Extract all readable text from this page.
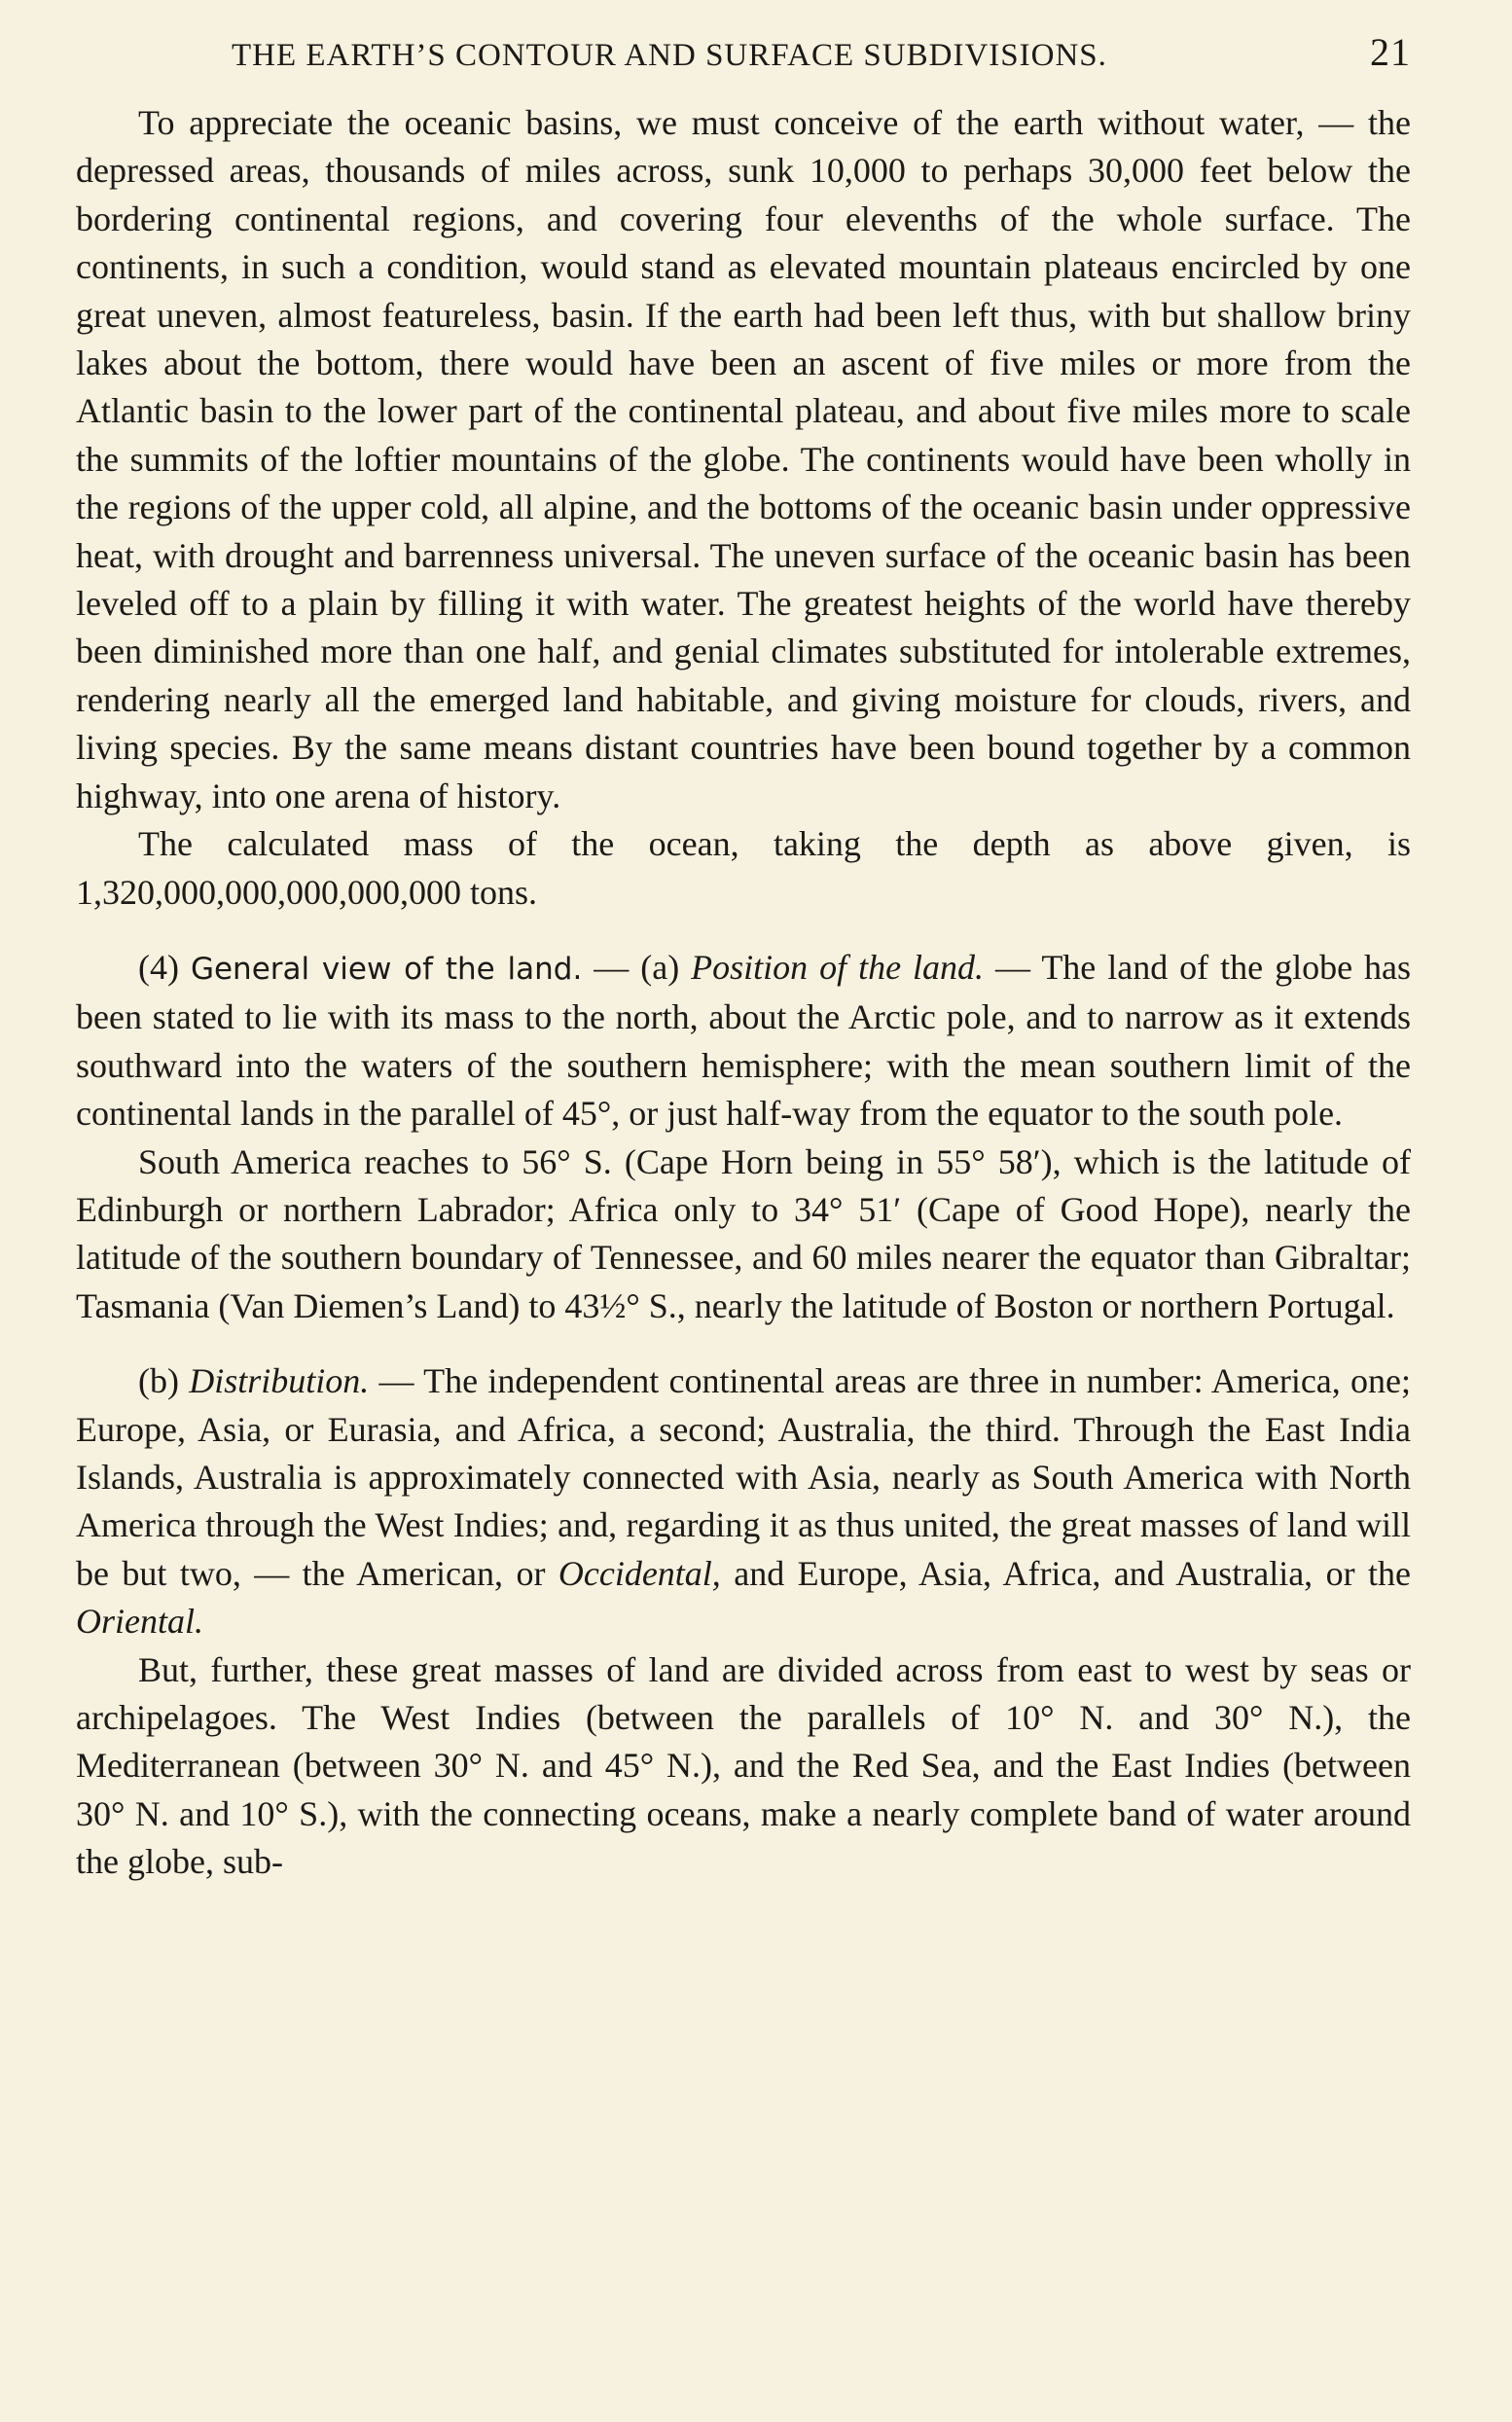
THE EARTH’S CONTOUR AND SURFACE SUBDIVISIONS.	21

To appreciate the oceanic basins, we must conceive of the earth without water, — the depressed areas, thousands of miles across, sunk 10,000 to perhaps 30,000 feet below the bordering continental regions, and covering four elevenths of the whole surface. The continents, in such a condition, would stand as elevated mountain plateaus encircled by one great uneven, almost featureless, basin. If the earth had been left thus, with but shallow briny lakes about the bottom, there would have been an ascent of five miles or more from the Atlantic basin to the lower part of the continental plateau, and about five miles more to scale the summits of the loftier mountains of the globe. The continents would have been wholly in the regions of the upper cold, all alpine, and the bottoms of the oceanic basin under oppressive heat, with drought and barrenness universal. The uneven surface of the oceanic basin has been leveled off to a plain by filling it with water. The greatest heights of the world have thereby been diminished more than one half, and genial climates substituted for intolerable extremes, rendering nearly all the emerged land habitable, and giving moisture for clouds, rivers, and living species. By the same means distant countries have been bound together by a common highway, into one arena of history.

The calculated mass of the ocean, taking the depth as above given, is 1,320,000,000,000,000,000 tons.

(4) General view of the land. — (a) Position of the land. — The land of the globe has been stated to lie with its mass to the north, about the Arctic pole, and to narrow as it extends southward into the waters of the southern hemisphere; with the mean southern limit of the continental lands in the parallel of 45°, or just half-way from the equator to the south pole.

South America reaches to 56° S. (Cape Horn being in 55° 58′), which is the latitude of Edinburgh or northern Labrador; Africa only to 34° 51′ (Cape of Good Hope), nearly the latitude of the southern boundary of Tennessee, and 60 miles nearer the equator than Gibraltar; Tasmania (Van Diemen’s Land) to 43½° S., nearly the latitude of Boston or northern Portugal.

(b) Distribution. — The independent continental areas are three in number: America, one; Europe, Asia, or Eurasia, and Africa, a second; Australia, the third. Through the East India Islands, Australia is approximately connected with Asia, nearly as South America with North America through the West Indies; and, regarding it as thus united, the great masses of land will be but two, — the American, or Occidental, and Europe, Asia, Africa, and Australia, or the Oriental.

But, further, these great masses of land are divided across from east to west by seas or archipelagoes. The West Indies (between the parallels of 10° N. and 30° N.), the Mediterranean (between 30° N. and 45° N.), and the Red Sea, and the East Indies (between 30° N. and 10° S.), with the connecting oceans, make a nearly complete band of water around the globe, sub-
